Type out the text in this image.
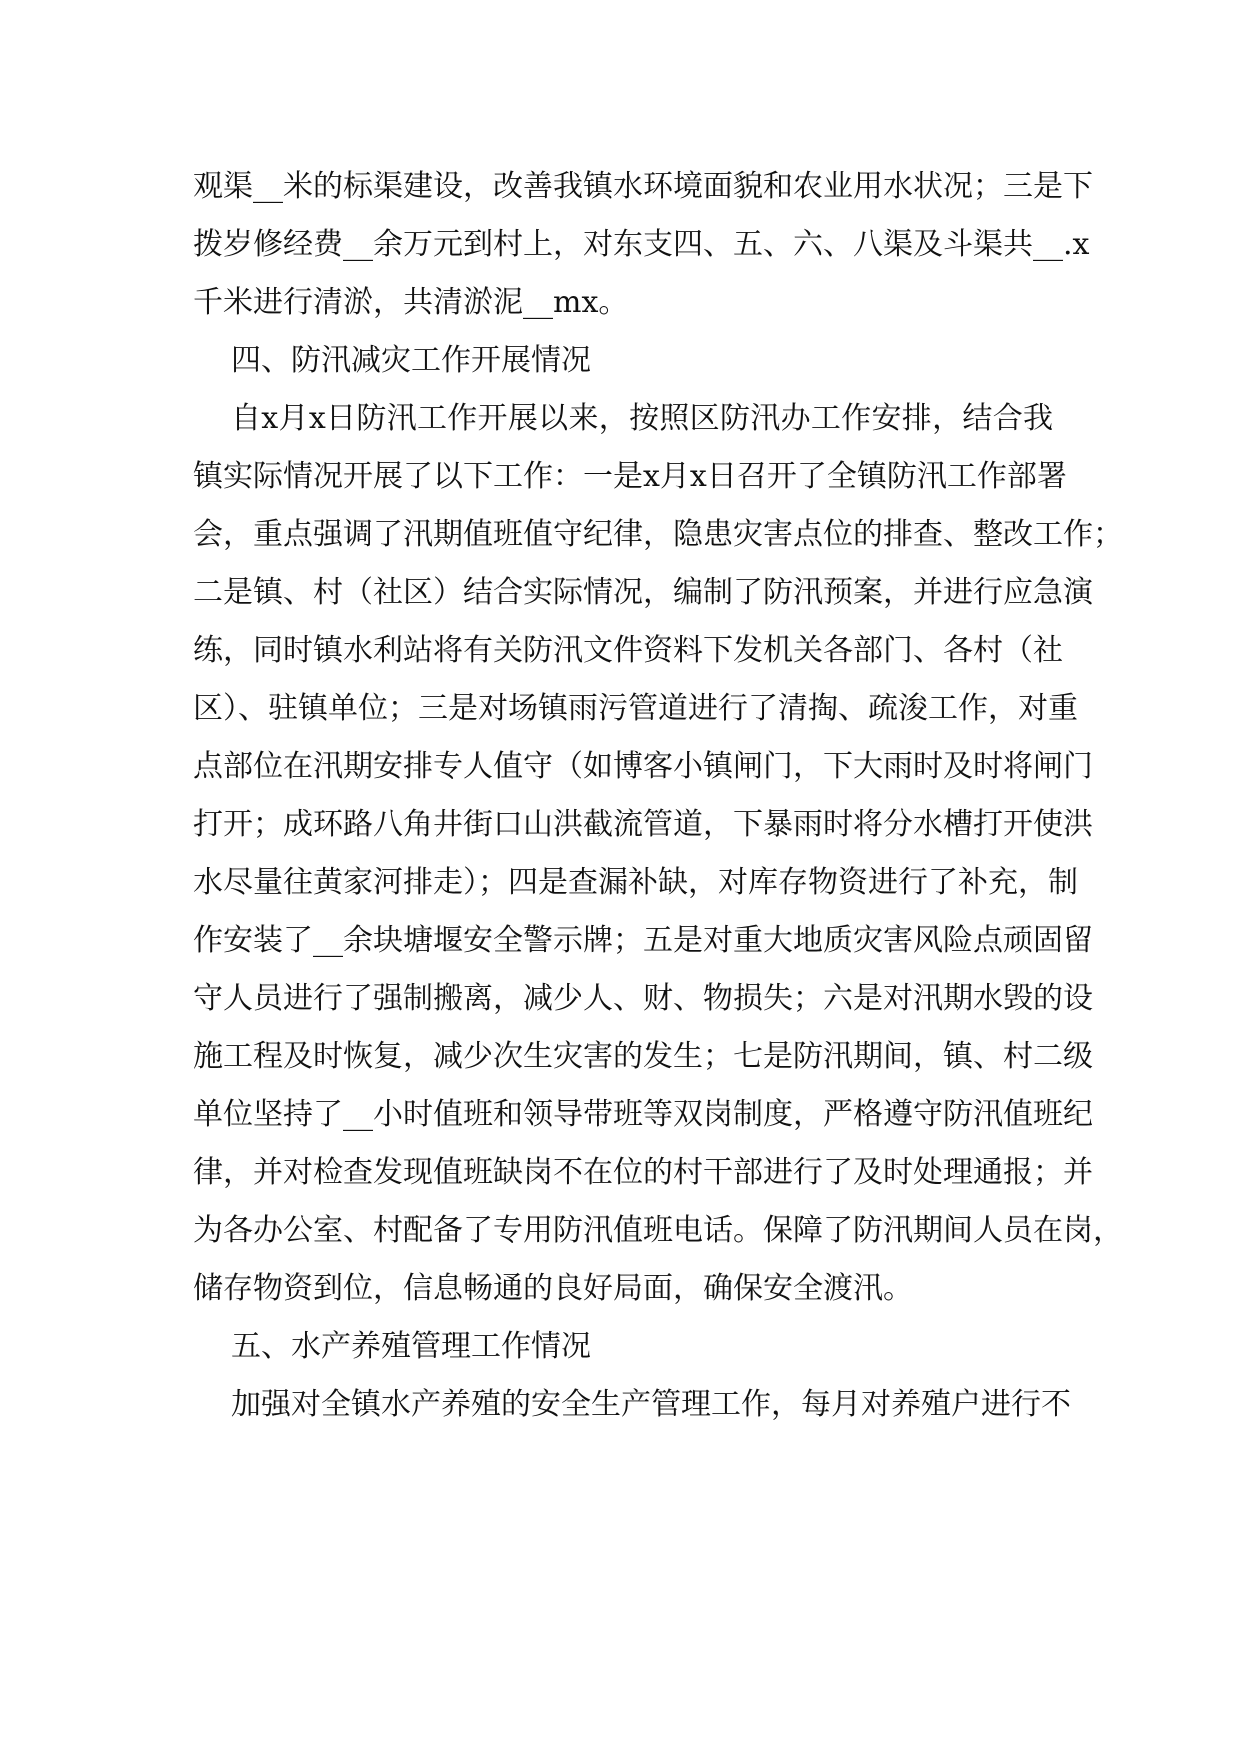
观渠__米的标渠建设，改善我镇水环境面貌和农业用水状况；三是下
拨岁修经费__余万元到村上，对东支四、五、六、八渠及斗渠共__.x
千米进行清淤，共清淤泥__mx。
四、防汛减灾工作开展情况
自x月x日防汛工作开展以来，按照区防汛办工作安排，结合我
镇实际情况开展了以下工作：一是x月x日召开了全镇防汛工作部署
会，重点强调了汛期值班值守纪律，隐患灾害点位的排查、整改工作；
二是镇、村（社区）结合实际情况，编制了防汛预案，并进行应急演
练，同时镇水利站将有关防汛文件资料下发机关各部门、各村（社
区）、驻镇单位；三是对场镇雨污管道进行了清掏、疏浚工作，对重
点部位在汛期安排专人值守（如博客小镇闸门，下大雨时及时将闸门
打开；成环路八角井街口山洪截流管道，下暴雨时将分水槽打开使洪
水尽量往黄家河排走）；四是查漏补缺，对库存物资进行了补充，制
作安装了__余块塘堰安全警示牌；五是对重大地质灾害风险点顽固留
守人员进行了强制搬离，减少人、财、物损失；六是对汛期水毁的设
施工程及时恢复，减少次生灾害的发生；七是防汛期间，镇、村二级
单位坚持了__小时值班和领导带班等双岗制度，严格遵守防汛值班纪
律，并对检查发现值班缺岗不在位的村干部进行了及时处理通报；并
为各办公室、村配备了专用防汛值班电话。保障了防汛期间人员在岗，
储存物资到位，信息畅通的良好局面，确保安全渡汛。
五、水产养殖管理工作情况
加强对全镇水产养殖的安全生产管理工作，每月对养殖户进行不
